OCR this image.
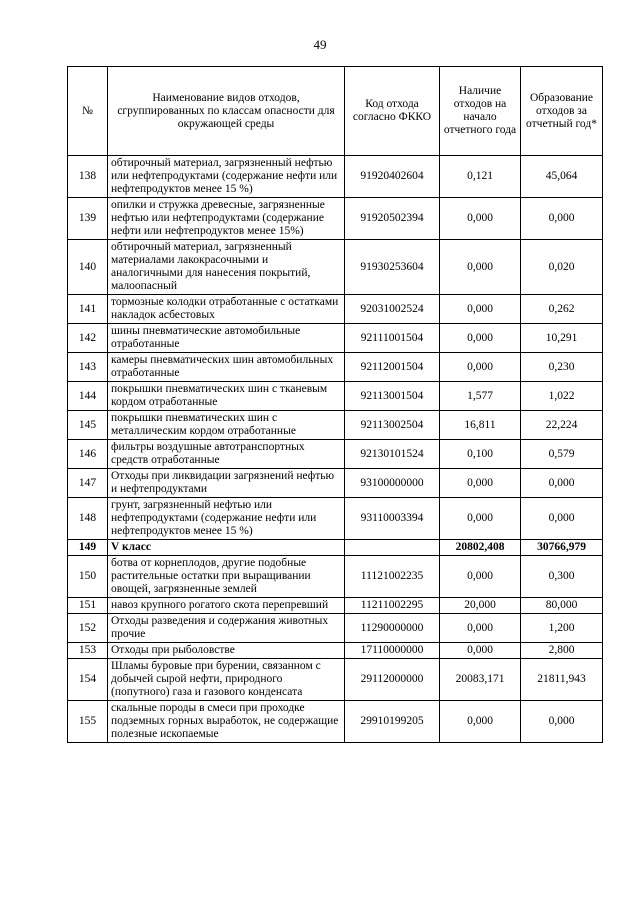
49
№	Наименование видов отходов, сгруппированных по классам опасности для окружающей среды	Код отхода согласно ФККО	Наличие отходов на начало отчетного года	Образование отходов за отчетный год*
138	обтирочный материал, загрязненный нефтью или нефтепродуктами (содержание нефти или нефтепродуктов менее 15 %)	91920402604	0,121	45,064
139	опилки и стружка древесные, загрязненные нефтью или нефтепродуктами (содержание нефти или нефтепродуктов менее 15%)	91920502394	0,000	0,000
140	обтирочный материал, загрязненный материалами лакокрасочными и аналогичными для нанесения покрытий, малоопасный	91930253604	0,000	0,020
141	тормозные колодки отработанные с остатками накладок асбестовых	92031002524	0,000	0,262
142	шины пневматические автомобильные отработанные	92111001504	0,000	10,291
143	камеры пневматических шин автомобильных отработанные	92112001504	0,000	0,230
144	покрышки пневматических шин с тканевым кордом отработанные	92113001504	1,577	1,022
145	покрышки пневматических шин с металлическим кордом отработанные	92113002504	16,811	22,224
146	фильтры воздушные автотранспортных средств отработанные	92130101524	0,100	0,579
147	Отходы при ликвидации загрязнений нефтью и нефтепродуктами	93100000000	0,000	0,000
148	грунт, загрязненный нефтью или нефтепродуктами (содержание нефти или нефтепродуктов менее 15 %)	93110003394	0,000	0,000
149	V класс		20802,408	30766,979
150	ботва от корнеплодов, другие подобные растительные остатки при выращивании овощей, загрязненные землей	11121002235	0,000	0,300
151	навоз крупного рогатого скота перепревший	11211002295	20,000	80,000
152	Отходы разведения и содержания животных прочие	11290000000	0,000	1,200
153	Отходы при рыболовстве	17110000000	0,000	2,800
154	Шламы буровые при бурении, связанном с добычей сырой нефти, природного (попутного) газа и газового конденсата	29112000000	20083,171	21811,943
155	скальные породы в смеси при проходке подземных горных выработок, не содержащие полезные ископаемые	29910199205	0,000	0,000
